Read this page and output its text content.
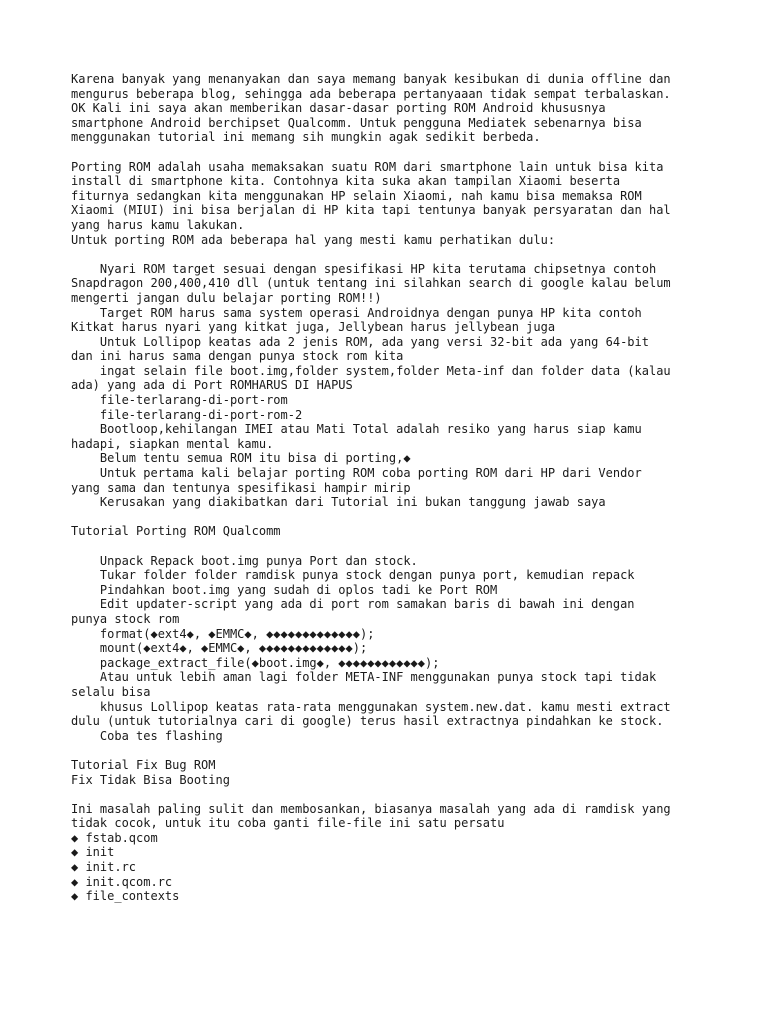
Karena banyak yang menanyakan dan saya memang banyak kesibukan di dunia offline dan
mengurus beberapa blog, sehingga ada beberapa pertanyaaan tidak sempat terbalaskan.
OK Kali ini saya akan memberikan dasar-dasar porting ROM Android khususnya
smartphone Android berchipset Qualcomm. Untuk pengguna Mediatek sebenarnya bisa
menggunakan tutorial ini memang sih mungkin agak sedikit berbeda.
Porting ROM adalah usaha memaksakan suatu ROM dari smartphone lain untuk bisa kita
install di smartphone kita. Contohnya kita suka akan tampilan Xiaomi beserta
fiturnya sedangkan kita menggunakan HP selain Xiaomi, nah kamu bisa memaksa ROM
Xiaomi (MIUI) ini bisa berjalan di HP kita tapi tentunya banyak persyaratan dan hal
yang harus kamu lakukan.
Untuk porting ROM ada beberapa hal yang mesti kamu perhatikan dulu:
Nyari ROM target sesuai dengan spesifikasi HP kita terutama chipsetnya contoh
Snapdragon 200,400,410 dll (untuk tentang ini silahkan search di google kalau belum
mengerti jangan dulu belajar porting ROM!!)
Target ROM harus sama system operasi Androidnya dengan punya HP kita contoh
Kitkat harus nyari yang kitkat juga, Jellybean harus jellybean juga
Untuk Lollipop keatas ada 2 jenis ROM, ada yang versi 32-bit ada yang 64-bit
dan ini harus sama dengan punya stock rom kita
ingat selain file boot.img,folder system,folder Meta-inf dan folder data (kalau
ada) yang ada di Port ROMHARUS DI HAPUS
file-terlarang-di-port-rom
file-terlarang-di-port-rom-2
Bootloop,kehilangan IMEI atau Mati Total adalah resiko yang harus siap kamu
hadapi, siapkan mental kamu.
Belum tentu semua ROM itu bisa di porting,◆
Untuk pertama kali belajar porting ROM coba porting ROM dari HP dari Vendor
yang sama dan tentunya spesifikasi hampir mirip
Kerusakan yang diakibatkan dari Tutorial ini bukan tanggung jawab saya
Tutorial Porting ROM Qualcomm
Unpack Repack boot.img punya Port dan stock.
Tukar folder folder ramdisk punya stock dengan punya port, kemudian repack
Pindahkan boot.img yang sudah di oplos tadi ke Port ROM
Edit updater-script yang ada di port rom samakan baris di bawah ini dengan
punya stock rom
format(◆ext4◆, ◆EMMC◆, ◆◆◆◆◆◆◆◆◆◆◆◆◆);
mount(◆ext4◆, ◆EMMC◆, ◆◆◆◆◆◆◆◆◆◆◆◆◆);
package_extract_file(◆boot.img◆, ◆◆◆◆◆◆◆◆◆◆◆◆);
Atau untuk lebih aman lagi folder META-INF menggunakan punya stock tapi tidak
selalu bisa
khusus Lollipop keatas rata-rata menggunakan system.new.dat. kamu mesti extract
dulu (untuk tutorialnya cari di google) terus hasil extractnya pindahkan ke stock.
Coba tes flashing
Tutorial Fix Bug ROM
Fix Tidak Bisa Booting
Ini masalah paling sulit dan membosankan, biasanya masalah yang ada di ramdisk yang
tidak cocok, untuk itu coba ganti file-file ini satu persatu
◆ fstab.qcom
◆ init
◆ init.rc
◆ init.qcom.rc
◆ file_contexts
